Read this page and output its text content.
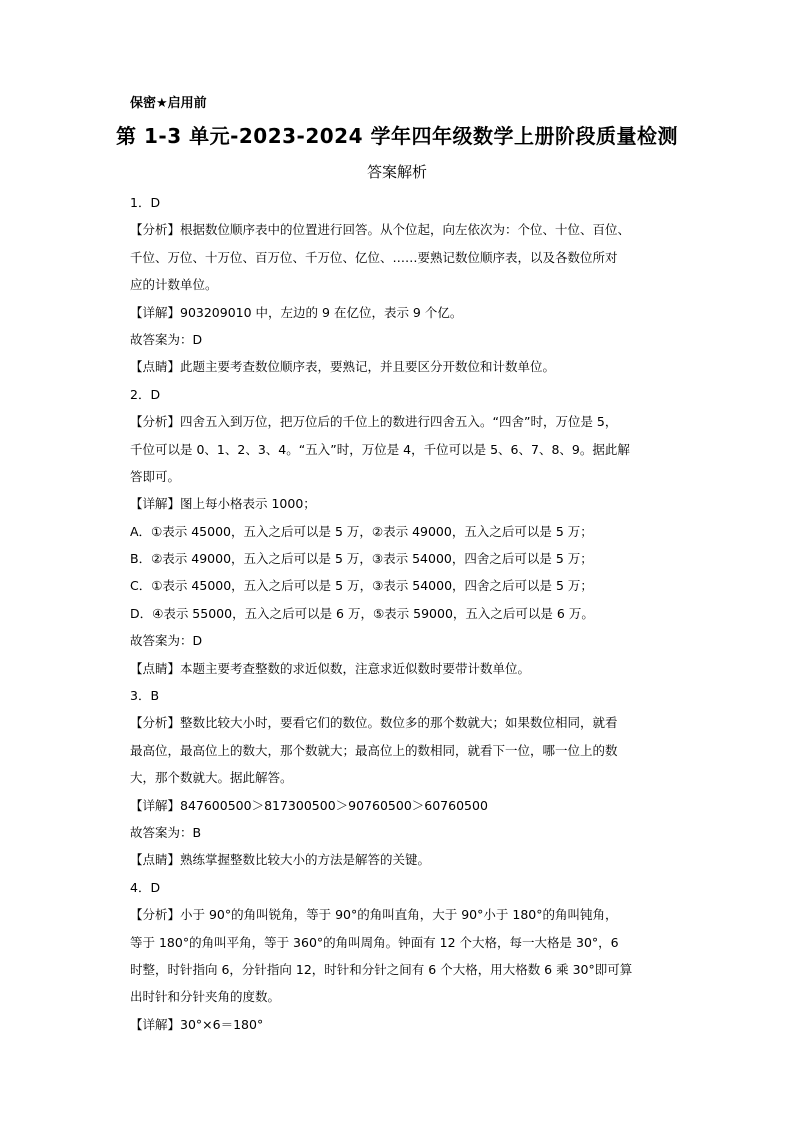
保密★启用前
第 1-3 单元-2023-2024 学年四年级数学上册阶段质量检测
答案解析
1．D
【分析】根据数位顺序表中的位置进行回答。从个位起，向左依次为：个位、十位、百位、
千位、万位、十万位、百万位、千万位、亿位、……要熟记数位顺序表，以及各数位所对
应的计数单位。
【详解】903209010 中，左边的 9 在亿位，表示 9 个亿。
故答案为：D
【点睛】此题主要考查数位顺序表，要熟记，并且要区分开数位和计数单位。
2．D
【分析】四舍五入到万位，把万位后的千位上的数进行四舍五入。“四舍”时，万位是 5，
千位可以是 0、1、2、3、4。“五入”时，万位是 4，千位可以是 5、6、7、8、9。据此解
答即可。
【详解】图上每小格表示 1000；
A．①表示 45000，五入之后可以是 5 万，②表示 49000，五入之后可以是 5 万；
B．②表示 49000，五入之后可以是 5 万，③表示 54000，四舍之后可以是 5 万；
C．①表示 45000，五入之后可以是 5 万，③表示 54000，四舍之后可以是 5 万；
D．④表示 55000，五入之后可以是 6 万，⑤表示 59000，五入之后可以是 6 万。
故答案为：D
【点睛】本题主要考查整数的求近似数，注意求近似数时要带计数单位。
3．B
【分析】整数比较大小时，要看它们的数位。数位多的那个数就大；如果数位相同，就看
最高位，最高位上的数大，那个数就大；最高位上的数相同，就看下一位，哪一位上的数
大，那个数就大。据此解答。
【详解】847600500＞817300500＞90760500＞60760500
故答案为：B
【点睛】熟练掌握整数比较大小的方法是解答的关键。
4．D
【分析】小于 90°的角叫锐角，等于 90°的角叫直角，大于 90°小于 180°的角叫钝角，
等于 180°的角叫平角，等于 360°的角叫周角。钟面有 12 个大格，每一大格是 30°，6
时整，时针指向 6，分针指向 12，时针和分针之间有 6 个大格，用大格数 6 乘 30°即可算
出时针和分针夹角的度数。
【详解】30°×6＝180°
